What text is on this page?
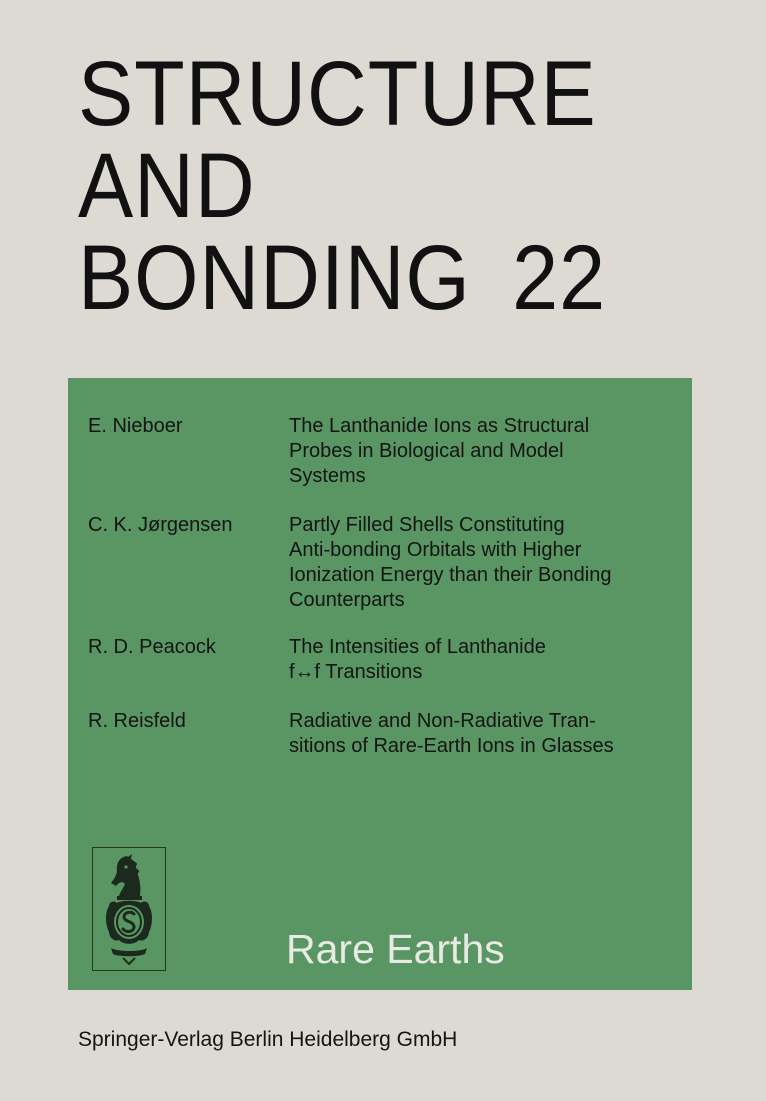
STRUCTURE
AND
BONDING 22
E. Nieboer	The Lanthanide Ions as Structural
Probes in Biological and Model
Systems
C. K. Jørgensen	Partly Filled Shells Constituting
Anti-bonding Orbitals with Higher
Ionization Energy than their Bonding
Counterparts
R. D. Peacock	The Intensities of Lanthanide
f↔f Transitions
R. Reisfeld	Radiative and Non-Radiative Tran-
sitions of Rare-Earth Ions in Glasses
Rare Earths
Springer-Verlag Berlin Heidelberg GmbH
